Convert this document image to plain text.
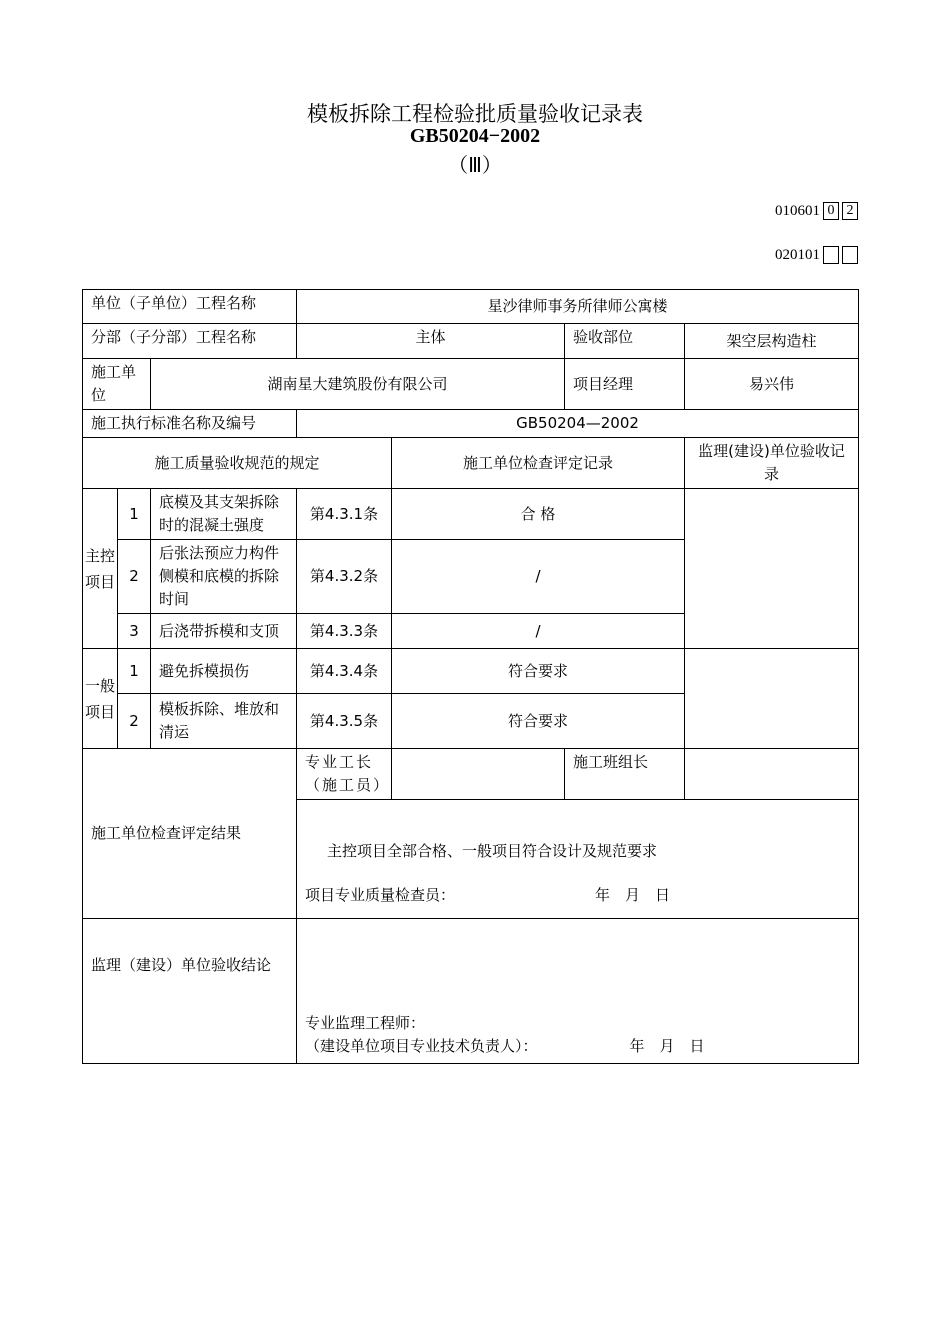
模板拆除工程检验批质量验收记录表
GB50204−2002
（Ⅲ）
010601 0 2
020101
单位（子单位）工程名称			星沙律师事务所律师公寓楼			
分部（子分部）工程名称			主体		验收部位	架空层构造柱
施工单位		湖南星大建筑股份有限公司			项目经理	易兴伟
施工执行标准名称及编号			GB50204—2002			
施工质量验收规范的规定				施工单位检查评定记录		监理(建设)单位验收记录
主控项目	1	底模及其支架拆除时的混凝土强度	第4.3.1条	合 格		
	2	后张法预应力构件侧模和底模的拆除时间	第4.3.2条	/		
	3	后浇带拆模和支顶	第4.3.3条	/		
一般项目	1	避免拆模损伤	第4.3.4条	符合要求		
	2	模板拆除、堆放和清运	第4.3.5条	符合要求		
施工单位检查评定结果			专业工长（施工员）		施工班组长	

			主控项目全部合格、一般项目符合设计及规范要求
项目专业质量检查员： 年　月　日			

监理（建设）单位验收结论			专业监理工程师：
（建设单位项目专业技术负责人）： 年　月　日			
